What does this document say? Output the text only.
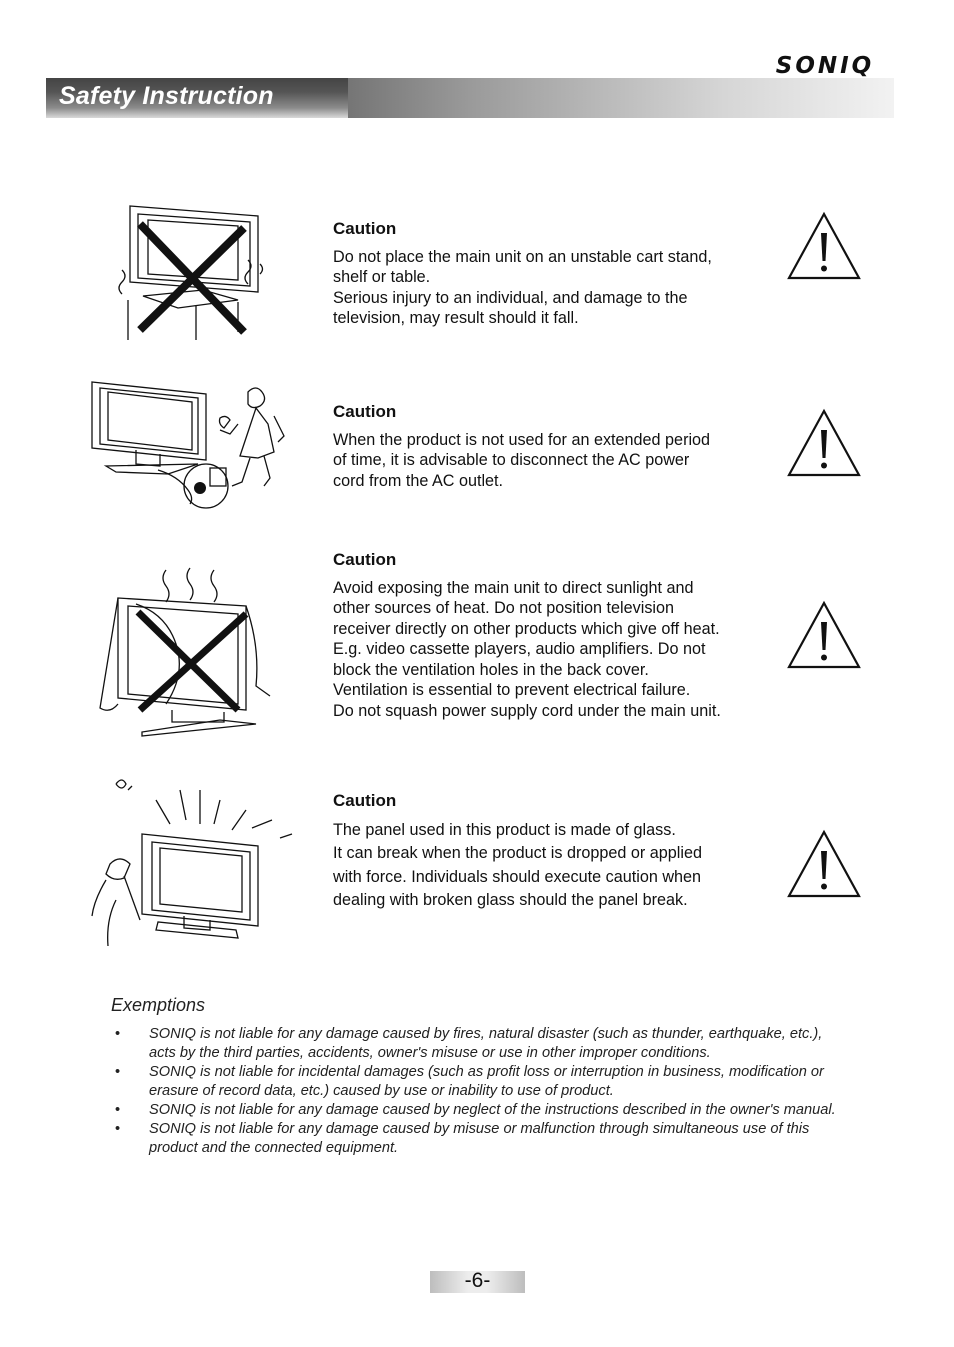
SONIQ
Safety Instruction

Caution

Do not place the main unit on an unstable cart stand,
shelf or table.
Serious injury to an individual, and damage to the
television, may result should it fall.

Caution

When the product is not used for an extended period
of time, it is advisable to disconnect the AC power
cord from the AC outlet.

Caution

Avoid exposing the main unit to direct sunlight and
other sources of heat. Do not position television
receiver directly on other products which give off heat.
E.g. video cassette players, audio amplifiers. Do not
block the ventilation holes in the back cover.
Ventilation is essential to prevent electrical failure.
Do not squash power supply cord under the main unit.

Caution

The panel used in this product is made of glass.
It can break when the product is dropped or applied
with force. Individuals should execute caution when
dealing with broken glass should the panel break.

Exemptions
• SONIQ is not liable for any damage caused by fires, natural disaster (such as thunder, earthquake, etc.), acts by the third parties, accidents, owner's misuse or use in other improper conditions.
• SONIQ is not liable for incidental damages (such as profit loss or interruption in business, modification or erasure of record data, etc.) caused by use or inability to use of product.
• SONIQ is not liable for any damage caused by neglect of the instructions described in the owner's manual.
• SONIQ is not liable for any damage caused by misuse or malfunction through simultaneous use of this product and the connected equipment.
-6-
